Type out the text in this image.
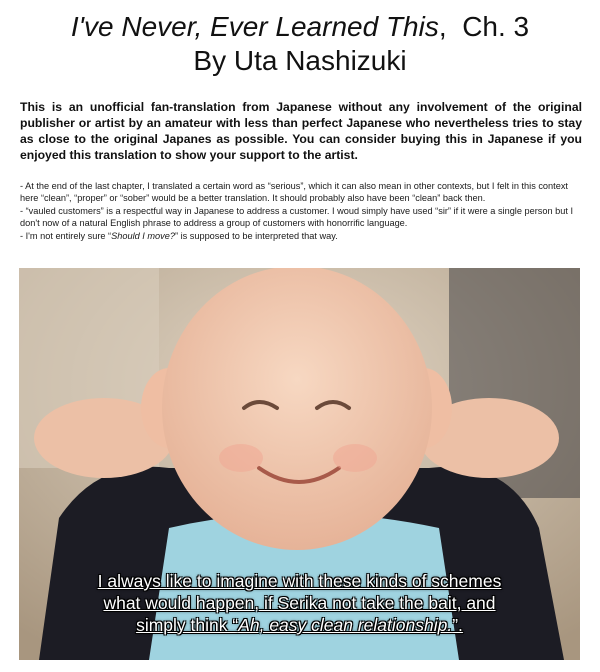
I've Never, Ever Learned This, Ch. 3
By Uta Nashizuki

This is an unofficial fan-translation from Japanese without any involvement of the original publisher or artist by an amateur with less than perfect Japanese who nevertheless tries to stay as close to the original Japanes as possible. You can consider buying this in Japanese if you enjoyed this translation to show your support to the artist.

- At the end of the last chapter, I translated a certain word as “serious”, which it can also mean in other contexts, but I felt in this context here “clean”, “proper” or “sober” would be a better translation. It should probably also have been “clean” back then.

- “vauled customers” is a respectful way in Japanese to address a customer. I woud simply have used “sir” if it were a single person but I don't now of a natural English phrase to address a group of customers with honorrific language.

- I'm not entirely sure “Should I move?” is supposed to be interpreted that way.

I always like to imagine with these kinds of schemes

what would happen, if Serika not take the bait, and

simply think “Ah, easy clean relationship.”.
